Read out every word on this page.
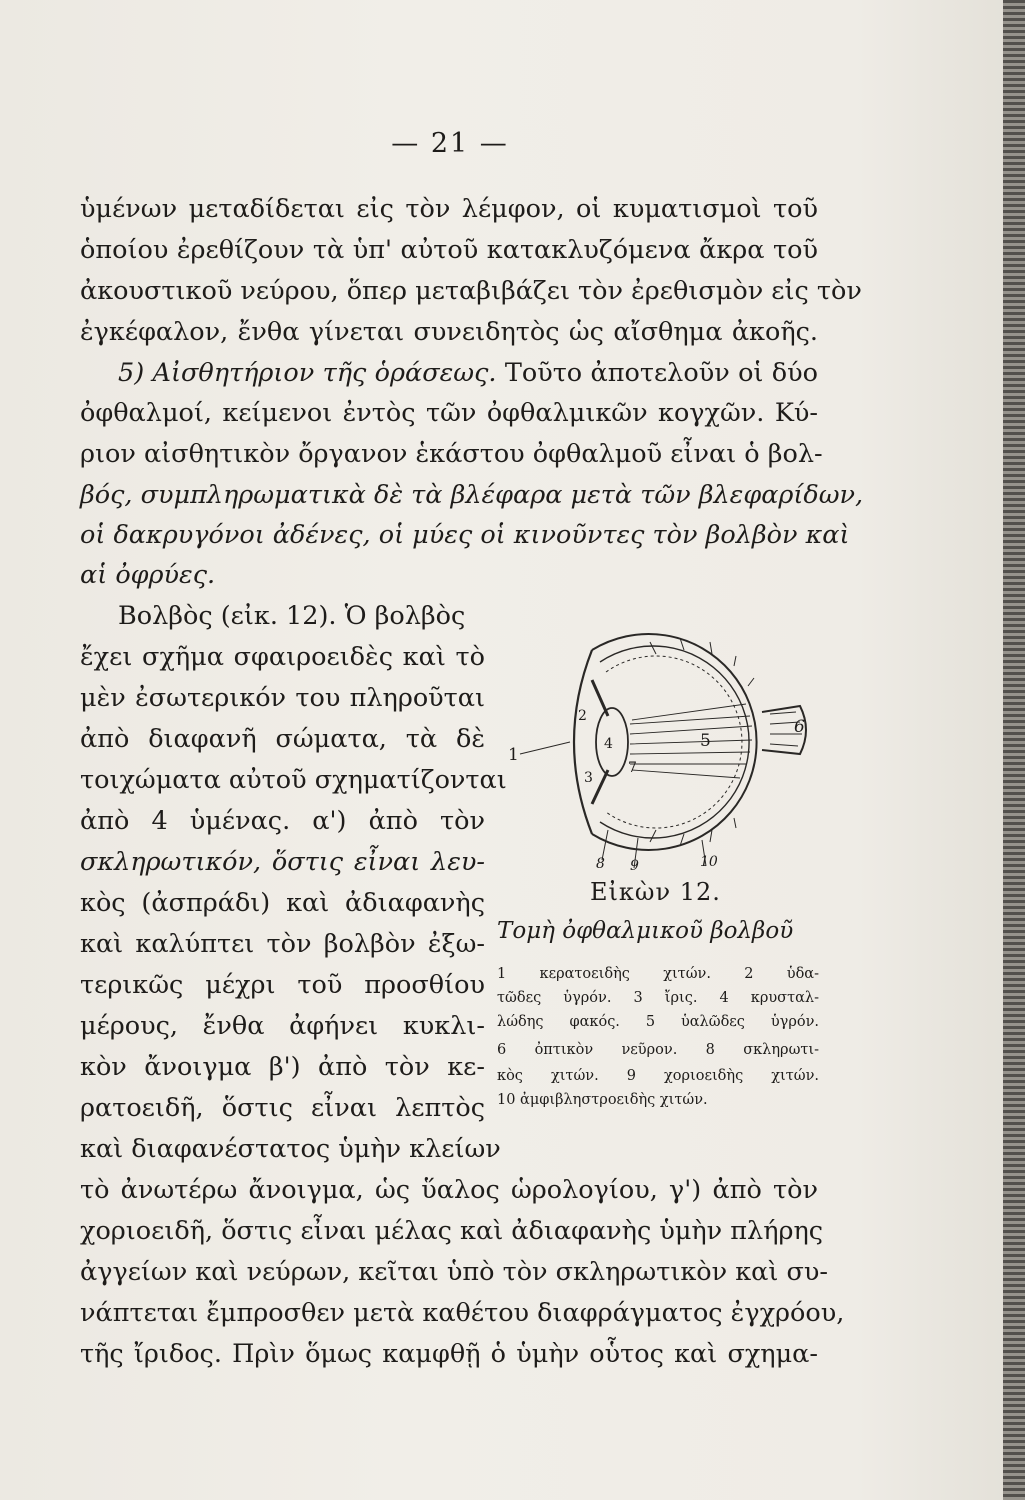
— 21 —
ὑμένων μεταδίδεται εἰς τὸν λέμφον, οἱ κυματισμοὶ τοῦ
ὁποίου ἐρεθίζουν τὰ ὑπ' αὐτοῦ κατακλυζόμενα ἄκρα τοῦ
ἀκουστικοῦ νεύρου, ὅπερ μεταβιβάζει τὸν ἐρεθισμὸν εἰς τὸν
ἐγκέφαλον, ἔνθα γίνεται συνειδητὸς ὡς αἴσθημα ἀκοῆς.
5) Αἰσθητήριον τῆς ὁράσεως. Τοῦτο ἀποτελοῦν οἱ δύο
ὀφθαλμοί, κείμενοι ἐντὸς τῶν ὀφθαλμικῶν κογχῶν. Κύ-
ριον αἰσθητικὸν ὄργανον ἑκάστου ὀφθαλμοῦ εἶναι ὁ βολ-
βός, συμπληρωματικὰ δὲ τὰ βλέφαρα μετὰ τῶν βλεφαρίδων,
οἱ δακρυγόνοι ἀδένες, οἱ μύες οἱ κινοῦντες τὸν βολβὸν καὶ
αἱ ὀφρύες.
Βολβὸς (εἰκ. 12). Ὁ βολβὸς
ἔχει σχῆμα σφαιροειδὲς καὶ τὸ
μὲν ἐσωτερικόν του πληροῦται
ἀπὸ διαφανῆ σώματα, τὰ δὲ
τοιχώματα αὐτοῦ σχηματίζονται
ἀπὸ 4 ὑμένας. α') ἀπὸ τὸν
σκληρωτικόν, ὅστις εἶναι λευ-
κὸς (ἀσπράδι) καὶ ἀδιαφανὴς
καὶ καλύπτει τὸν βολβὸν ἐξω-
τερικῶς μέχρι τοῦ προσθίου
μέρους, ἔνθα ἀφήνει κυκλι-
κὸν ἄνοιγμα β') ἀπὸ τὸν κε-
ρατοειδῆ, ὅστις εἶναι λεπτὸς
καὶ διαφανέστατος ὑμὴν κλείων
τὸ ἀνωτέρω ἄνοιγμα, ὡς ὕαλος ὡρολογίου, γ') ἀπὸ τὸν
χοριοειδῆ, ὅστις εἶναι μέλας καὶ ἀδιαφανὴς ὑμὴν πλήρης
ἀγγείων καὶ νεύρων, κεῖται ὑπὸ τὸν σκληρωτικὸν καὶ συ-
νάπτεται ἔμπροσθεν μετὰ καθέτου διαφράγματος ἐγχρόου,
τῆς ἴριδος. Πρὶν ὅμως καμφθῇ ὁ ὑμὴν οὗτος καὶ σχημα-
1
2
3
4	5
6
7
8 9	10
Εἰκὼν 12.
Τομὴ ὀφθαλμικοῦ βολβοῦ
1 κερατοειδὴς χιτών. 2 ὑδα-
τῶδες ὑγρόν. 3 ἴρις. 4 κρυσταλ-
λώδης φακός. 5 ὑαλῶδες ὑγρόν.
6 ὀπτικὸν νεῦρον. 8 σκληρωτι-
κὸς χιτών. 9 χοριοειδὴς χιτών.
10 ἀμφιβληστροειδὴς χιτών.
